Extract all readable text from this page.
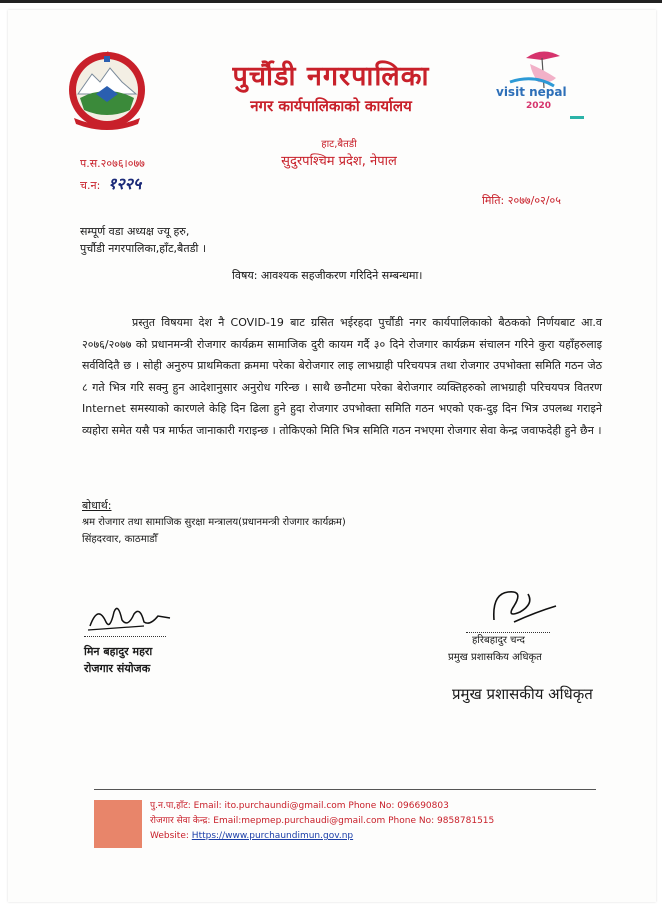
visit nepal
2020
पुर्चौडी नगरपालिका
नगर कार्यपालिकाको कार्यालय
हाट,बैतडी
सुदुरपश्चिम प्रदेश, नेपाल
प.स.२०७६।०७७
च.न: १२२५
मिति: २०७७/०२/०५
सम्पूर्ण वडा अध्यक्ष ज्यू हरु,
पुर्चौडी नगरपालिका,हाँट,बैतडी ।
विषय: आवश्यक सहजीकरण गरिदिने सम्बन्धमा।
प्रस्तुत विषयमा देश नै COVID-19 बाट ग्रसित भईरहदा पुर्चौडी नगर कार्यपालिकाको बैठकको निर्णयबाट आ.व २०७६/२०७७ को प्रधानमन्त्री रोजगार कार्यक्रम सामाजिक दुरी कायम गर्दै ३० दिने रोजगार कार्यक्रम संचालन गरिने कुरा यहाँहरुलाइ सर्वविदितै छ । सोही अनुरुप प्राथमिकता क्रममा परेका बेरोजगार लाइ लाभग्राही परिचयपत्र तथा रोजगार उपभोक्ता समिति गठन जेठ ८ गते भित्र गरि सक्नु हुन आदेशानुसार अनुरोध गरिन्छ । साथै छनौटमा परेका बेरोजगार व्यक्तिहरुको लाभग्राही परिचयपत्र वितरण Internet समस्याको कारणले केहि दिन ढिला हुने हुदा रोजगार उपभोक्ता समिति गठन भएको एक-दुइ दिन भित्र उपलब्ध गराइने व्यहोरा समेत यसै पत्र मार्फत जानाकारी गराइन्छ । तोकिएको मिति भित्र समिति गठन नभएमा रोजगार सेवा केन्द्र जवाफदेही हुने छैन ।
बोधार्थ:
श्रम रोजगार तथा सामाजिक सुरक्षा मन्त्रालय(प्रधानमन्त्री रोजगार कार्यक्रम)
सिंहदरवार, काठमाडौँ
मिन बहादुर महरा
रोजगार संयोजक
हरिबहादुर चन्द
प्रमुख प्रशासकिय अधिकृत
प्रमुख प्रशासकीय अधिकृत
पु.न.पा,हाँट: Email: ito.purchaundi@gmail.com Phone No: 096690803
रोजगार सेवा केन्द्र: Email:mepmep.purchaudi@gmail.com Phone No: 9858781515
Website: Https://www.purchaundimun.gov.np
